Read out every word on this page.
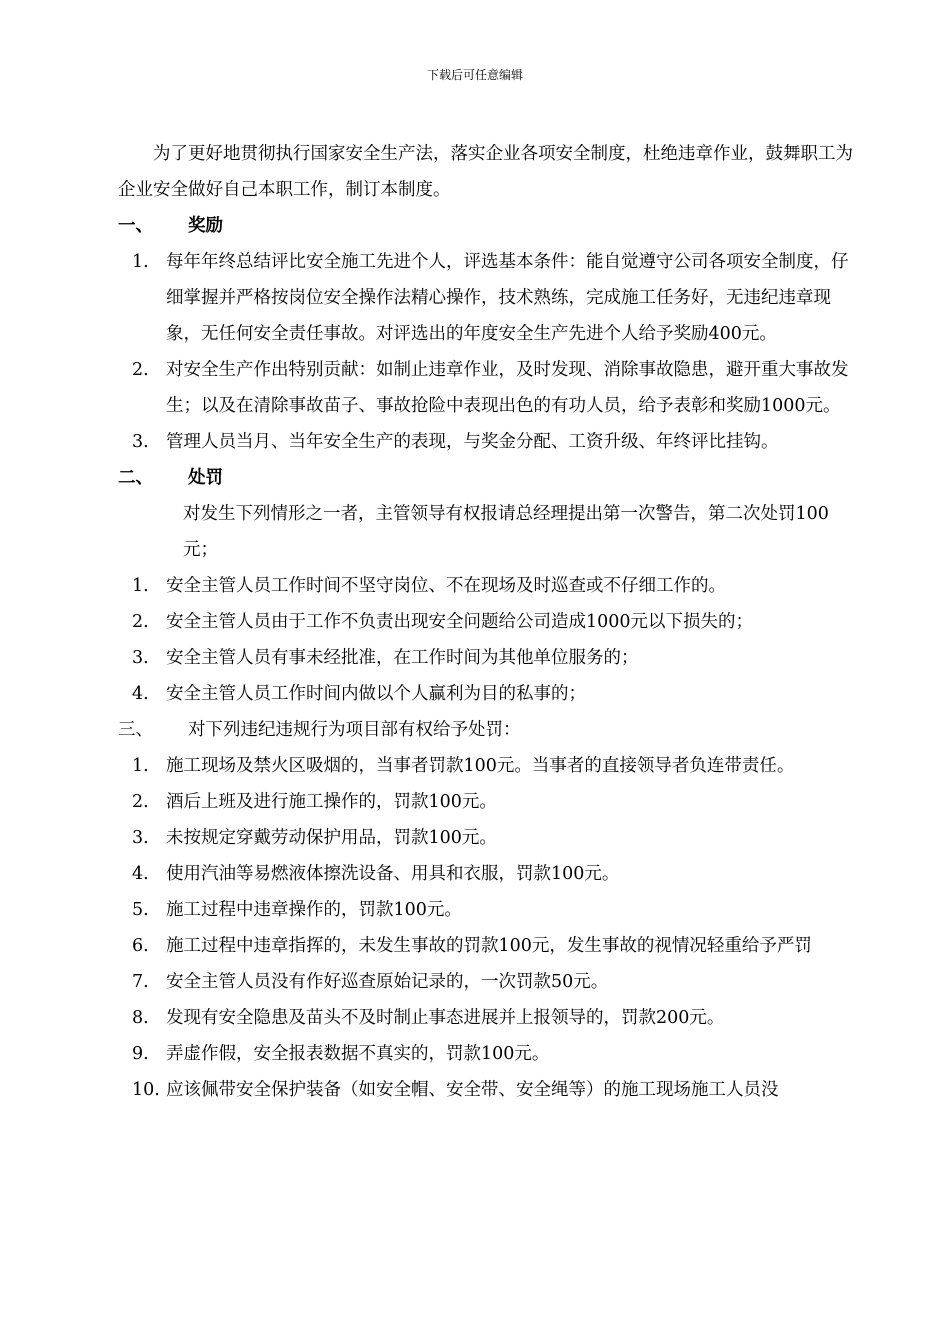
下载后可任意编辑

为了更好地贯彻执行国家安全生产法，落实企业各项安全制度，杜绝违章作业，鼓舞职工为企业安全做好自己本职工作，制订本制度。

一、	奖励
1. 每年年终总结评比安全施工先进个人，评选基本条件：能自觉遵守公司各项安全制度，仔细掌握并严格按岗位安全操作法精心操作，技术熟练，完成施工任务好，无违纪违章现象，无任何安全责任事故。对评选出的年度安全生产先进个人给予奖励400元。
2. 对安全生产作出特别贡献：如制止违章作业，及时发现、消除事故隐患，避开重大事故发生；以及在清除事故苗子、事故抢险中表现出色的有功人员，给予表彰和奖励1000元。
3. 管理人员当月、当年安全生产的表现，与奖金分配、工资升级、年终评比挂钩。
二、	处罚

对发生下列情形之一者，主管领导有权报请总经理提出第一次警告，第二次处罚100元；

1. 安全主管人员工作时间不坚守岗位、不在现场及时巡查或不仔细工作的。
2. 安全主管人员由于工作不负责出现安全问题给公司造成1000元以下损失的；
3. 安全主管人员有事未经批准，在工作时间为其他单位服务的；
4. 安全主管人员工作时间内做以个人赢利为目的私事的；
三、	对下列违纪违规行为项目部有权给予处罚：
1. 施工现场及禁火区吸烟的，当事者罚款100元。当事者的直接领导者负连带责任。
2. 酒后上班及进行施工操作的，罚款100元。
3. 未按规定穿戴劳动保护用品，罚款100元。
4. 使用汽油等易燃液体擦洗设备、用具和衣服，罚款100元。
5. 施工过程中违章操作的，罚款100元。
6. 施工过程中违章指挥的，未发生事故的罚款100元，发生事故的视情况轻重给予严罚
7. 安全主管人员没有作好巡查原始记录的，一次罚款50元。
8. 发现有安全隐患及苗头不及时制止事态进展并上报领导的，罚款200元。
9. 弄虚作假，安全报表数据不真实的，罚款100元。
10. 应该佩带安全保护装备（如安全帽、安全带、安全绳等）的施工现场施工人员没
